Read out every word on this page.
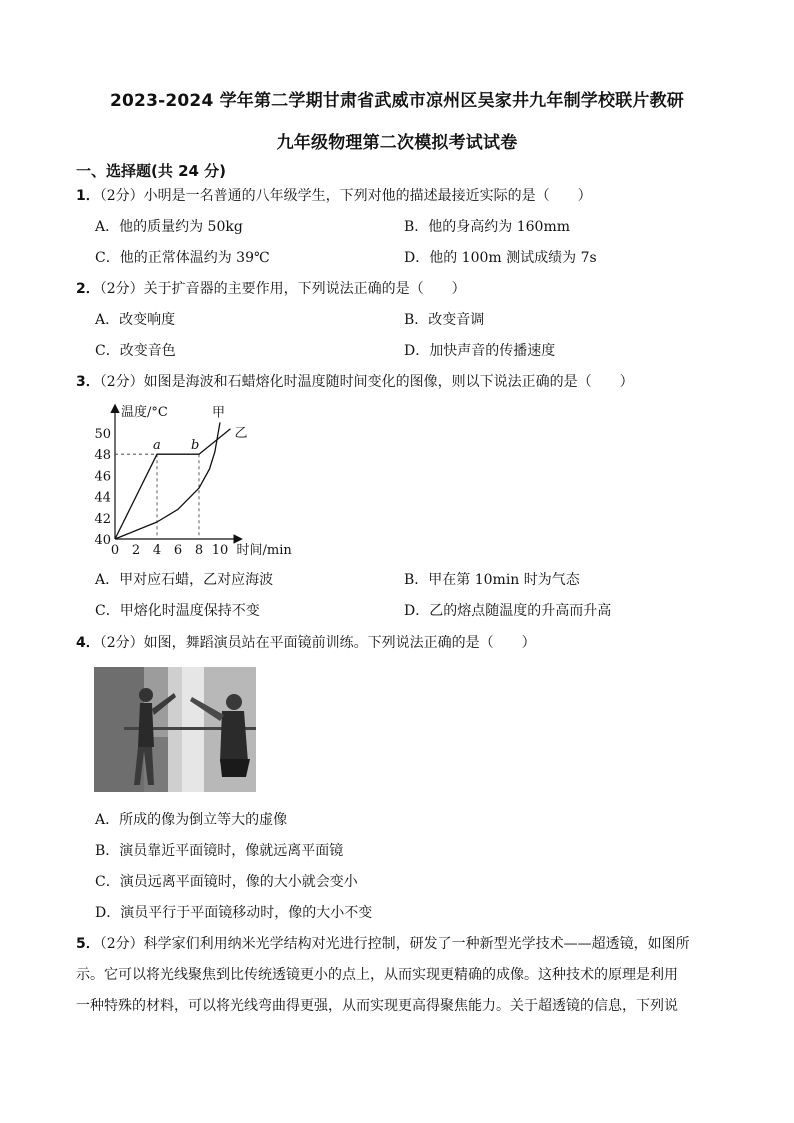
2023-2024 学年第二学期甘肃省武威市凉州区吴家井九年制学校联片教研
九年级物理第二次模拟考试试卷
一、选择题(共 24 分)
1．（2分）小明是一名普通的八年级学生，下列对他的描述最接近实际的是（　　）
A．他的质量约为 50kg	B．他的身高约为 160mm
C．他的正常体温约为 39℃	D．他的 100m 测试成绩为 7s
2．（2分）关于扩音器的主要作用，下列说法正确的是（　　）
A．改变响度	B．改变音调
C．改变音色	D．加快声音的传播速度
3．（2分）如图是海波和石蜡熔化时温度随时间变化的图像，则以下说法正确的是（　　）
0 2 4 6 8 10
40
42
44
46
48
50
温度/°C
时间/min
甲
乙
a b
A．甲对应石蜡，乙对应海波	B．甲在第 10min 时为气态
C．甲熔化时温度保持不变	D．乙的熔点随温度的升高而升高
4．（2分）如图，舞蹈演员站在平面镜前训练。下列说法正确的是（　　）
A．所成的像为倒立等大的虚像
B．演员靠近平面镜时，像就远离平面镜
C．演员远离平面镜时，像的大小就会变小
D．演员平行于平面镜移动时，像的大小不变
5．（2分）科学家们利用纳米光学结构对光进行控制，研发了一种新型光学技术——超透镜，如图所
示。它可以将光线聚焦到比传统透镜更小的点上，从而实现更精确的成像。这种技术的原理是利用
一种特殊的材料，可以将光线弯曲得更强，从而实现更高得聚焦能力。关于超透镜的信息，下列说
